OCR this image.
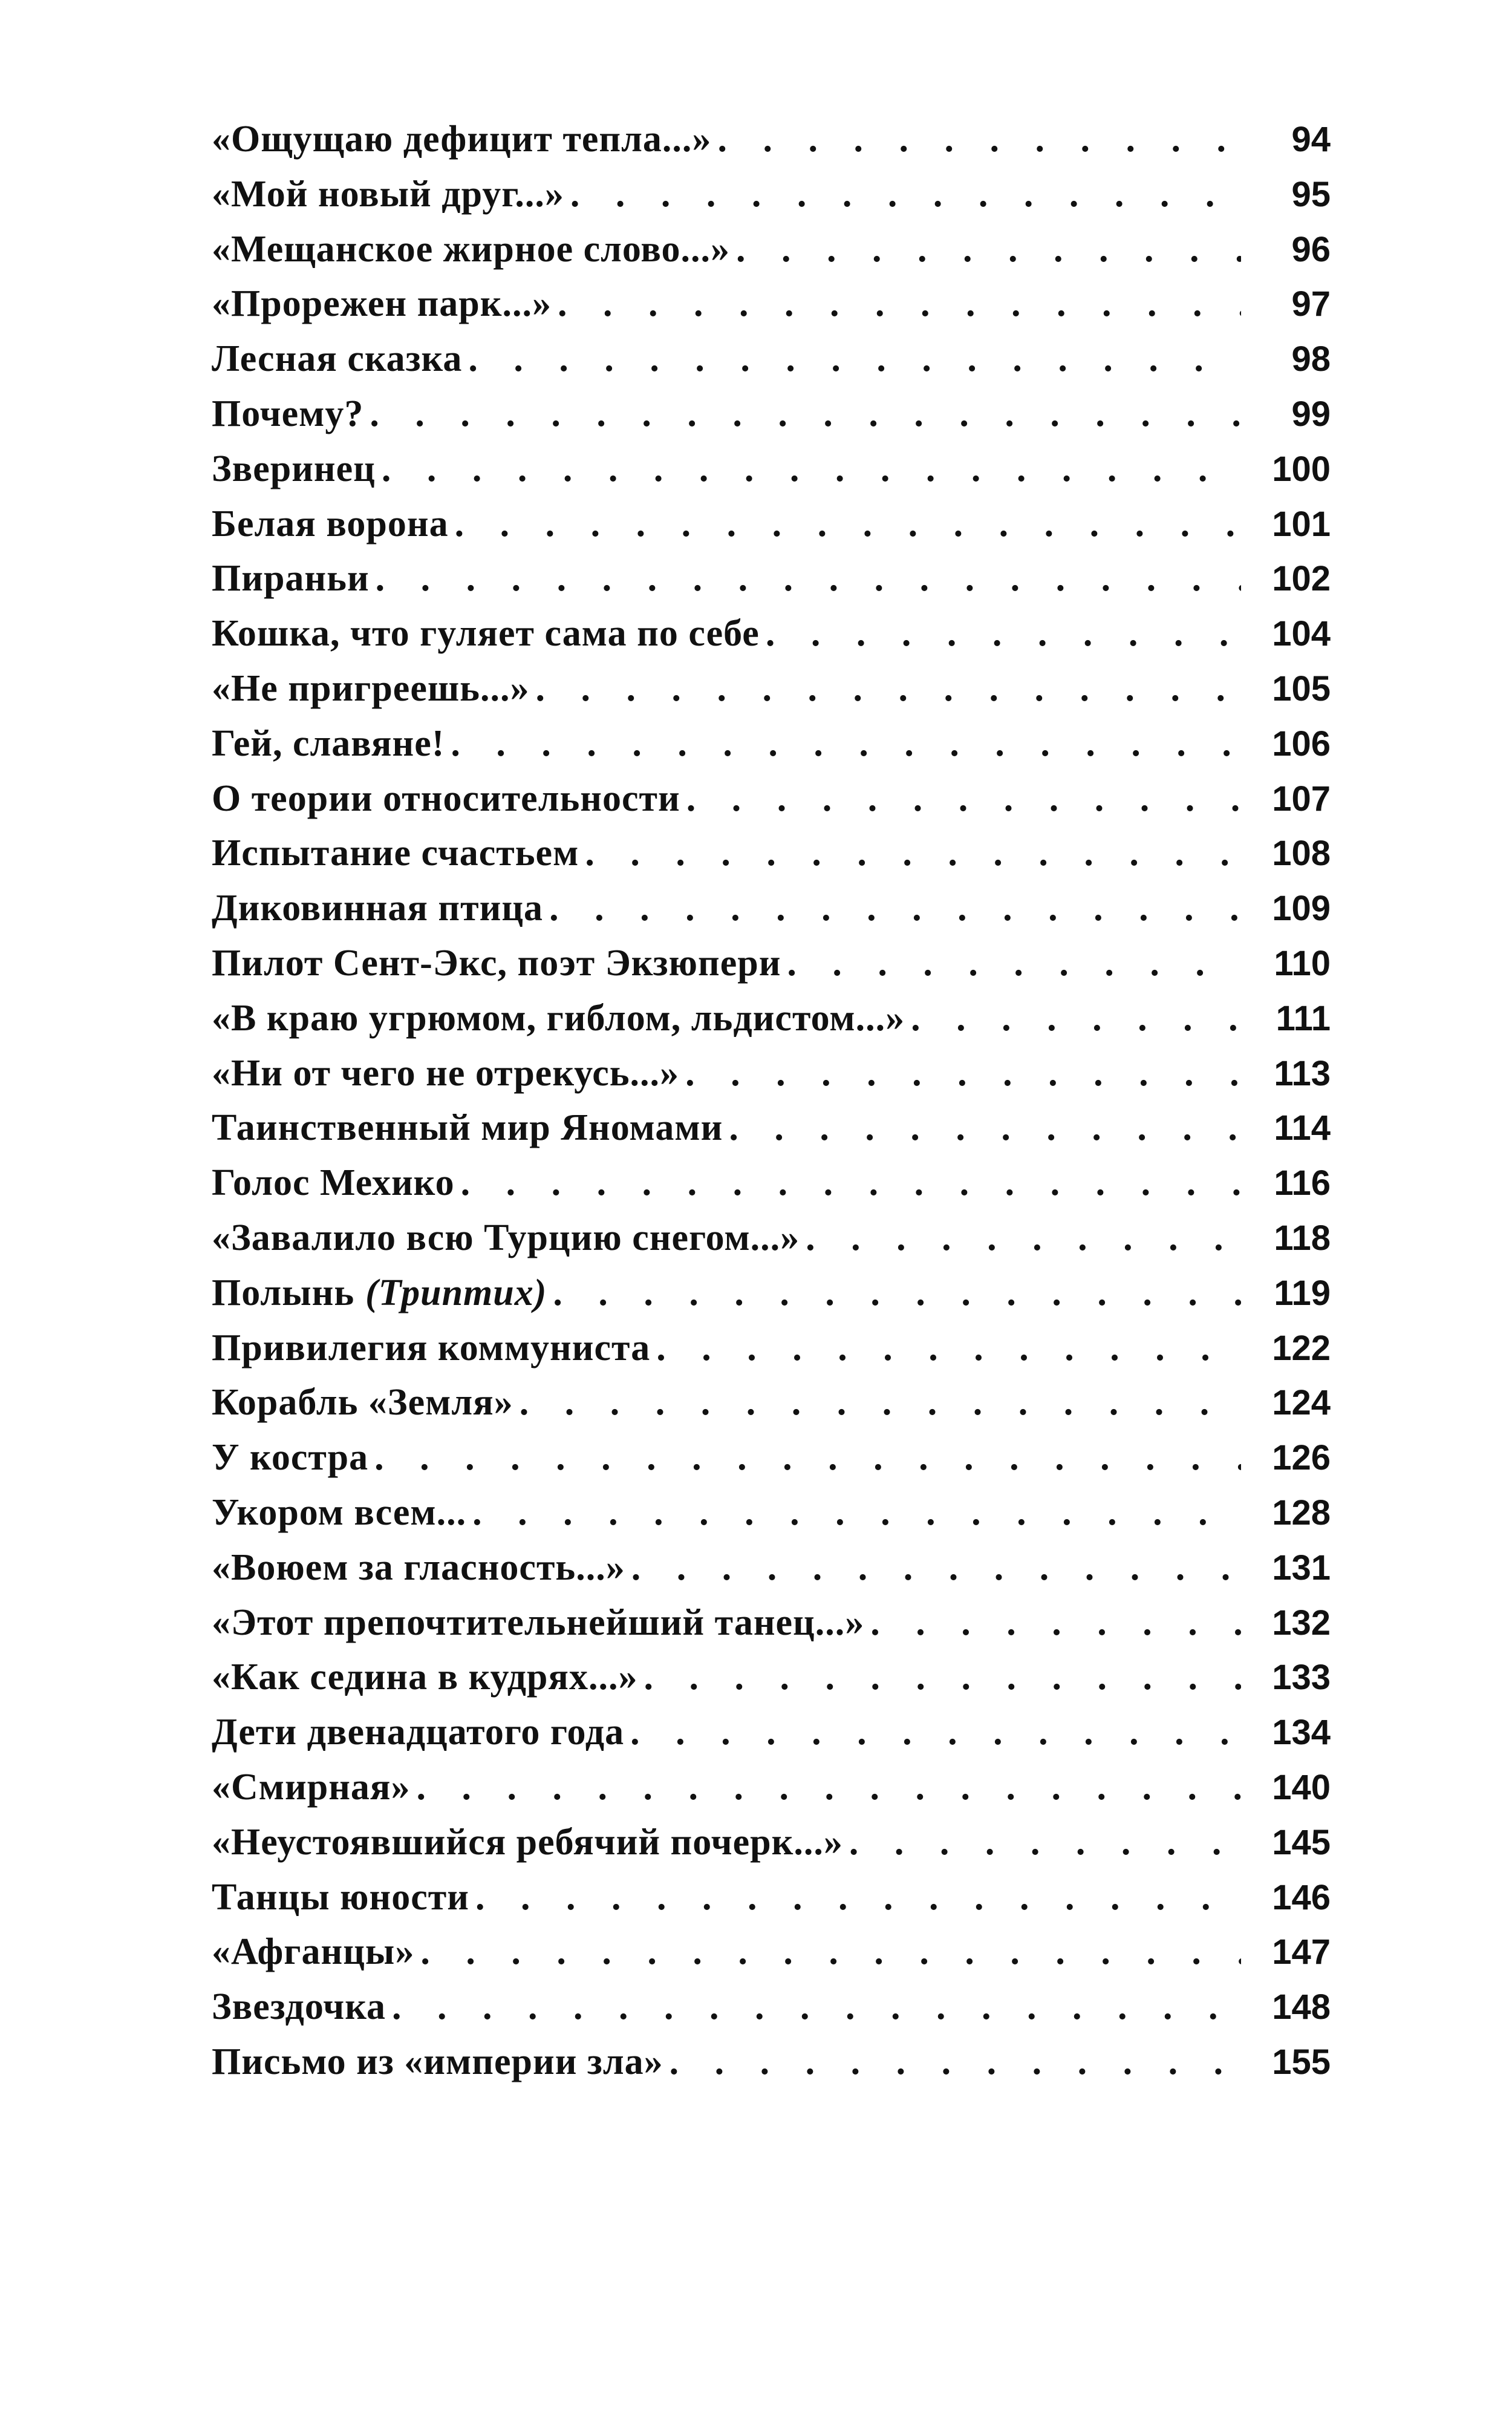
«Ощущаю дефицит тепла...» . . .	94
«Мой новый друг...» . . .	95
«Мещанское жирное слово...» . . .	96
«Прорежен парк...» . . .	97
Лесная сказка . . .	98
Почему? . . .	99
Зверинец . . .	100
Белая ворона . . .	101
Пираньи . . .	102
Кошка, что гуляет сама по себе . . .	104
«Не пригреешь...» . . .	105
Гей, славяне! . . .	106
О теории относительности . . .	107
Испытание счастьем . . .	108
Диковинная птица . . .	109
Пилот Сент-Экс, поэт Экзюпери . . .	110
«В краю угрюмом, гиблом, льдистом...» . . .	111
«Ни от чего не отрекусь...» . . .	113
Таинственный мир Яномами . . .	114
Голос Мехико . . .	116
«Завалило всю Турцию снегом...» . . .	118
Полынь (Триптих) . . .	119
Привилегия коммуниста . . .	122
Корабль «Земля» . . .	124
У костра . . .	126
Укором всем... . . .	128
«Воюем за гласность...» . . .	131
«Этот препочтительнейший танец...» . . .	132
«Как седина в кудрях...» . . .	133
Дети двенадцатого года . . .	134
«Смирная» . . .	140
«Неустоявшийся ребячий почерк...» . . .	145
Танцы юности . . .	146
«Афганцы» . . .	147
Звездочка . . .	148
Письмо из «империи зла» . . .	155
